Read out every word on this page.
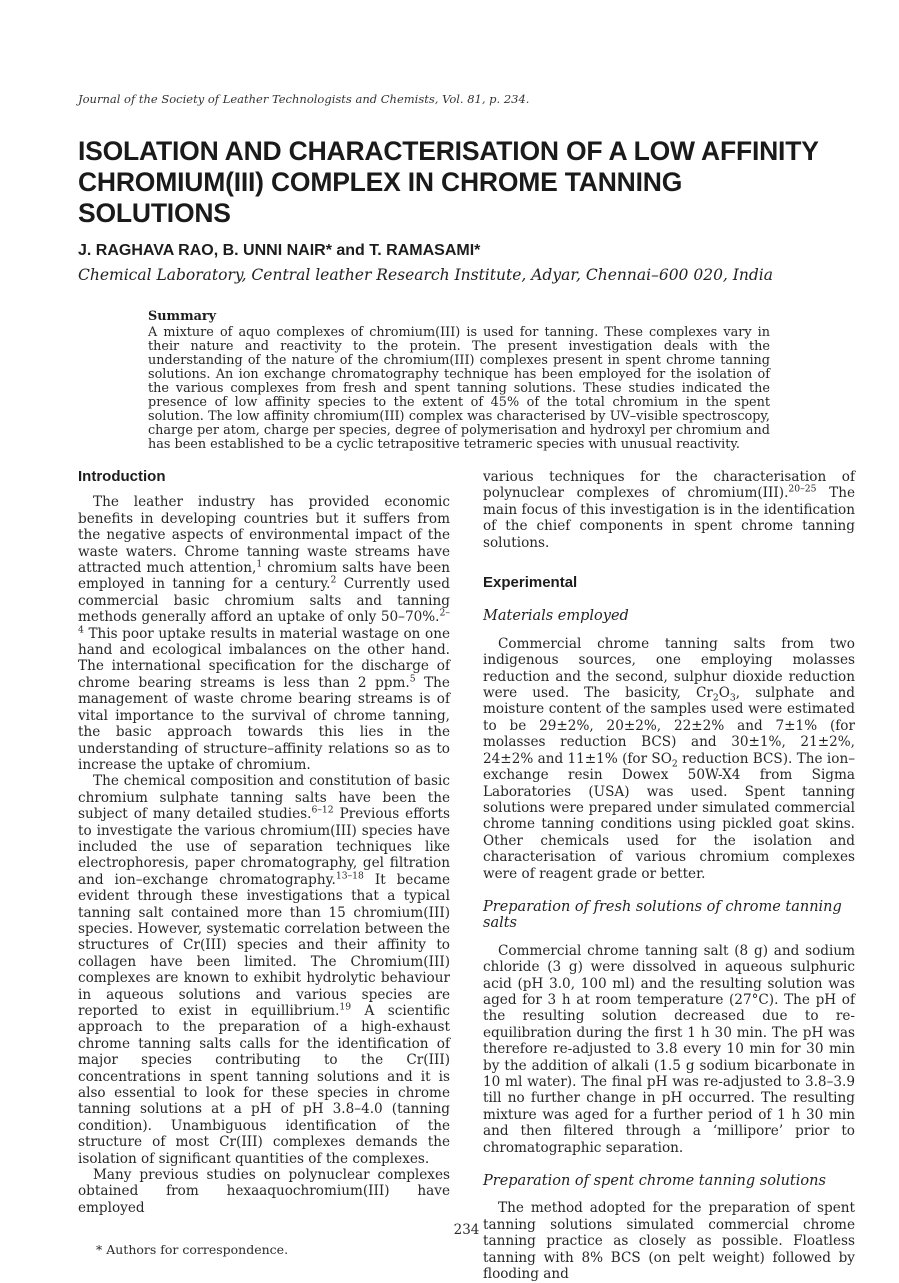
Journal of the Society of Leather Technologists and Chemists, Vol. 81, p. 234.
ISOLATION AND CHARACTERISATION OF A LOW AFFINITY CHROMIUM(III) COMPLEX IN CHROME TANNING SOLUTIONS
J. RAGHAVA RAO, B. UNNI NAIR* and T. RAMASAMI*
Chemical Laboratory, Central leather Research Institute, Adyar, Chennai–600 020, India
Summary

A mixture of aquo complexes of chromium(III) is used for tanning. These complexes vary in their nature and reactivity to the protein. The present investigation deals with the understanding of the nature of the chromium(III) complexes present in spent chrome tanning solutions. An ion exchange chromatography technique has been employed for the isolation of the various complexes from fresh and spent tanning solutions. These studies indicated the presence of low affinity species to the extent of 45% of the total chromium in the spent solution. The low affinity chromium(III) complex was characterised by UV–visible spectroscopy, charge per atom, charge per species, degree of polymerisation and hydroxyl per chromium and has been established to be a cyclic tetrapositive tetrameric species with unusual reactivity.

Introduction

The leather industry has provided economic benefits in developing countries but it suffers from the negative aspects of environmental impact of the waste waters. Chrome tanning waste streams have attracted much attention,$^1$ chromium salts have been employed in tanning for a century.$^2$ Currently used commercial basic chromium salts and tanning methods generally afford an uptake of only 50–70%.$^{2-4}$ This poor uptake results in material wastage on one hand and ecological imbalances on the other hand. The international specification for the discharge of chrome bearing streams is less than 2 ppm.$^5$ The management of waste chrome bearing streams is of vital importance to the survival of chrome tanning, the basic approach towards this lies in the understanding of structure–affinity relations so as to increase the uptake of chromium.

The chemical composition and constitution of basic chromium sulphate tanning salts have been the subject of many detailed studies.$^{6-12}$ Previous efforts to investigate the various chromium(III) species have included the use of separation techniques like electrophoresis, paper chromatography, gel filtration and ion–exchange chromatography.$^{13-18}$ It became evident through these investigations that a typical tanning salt contained more than 15 chromium(III) species. However, systematic correlation between the structures of Cr(III) species and their affinity to collagen have been limited. The Chromium(III) complexes are known to exhibit hydrolytic behaviour in aqueous solutions and various species are reported to exist in equillibrium.$^{19}$ A scientific approach to the preparation of a high-exhaust chrome tanning salts calls for the identification of major species contributing to the Cr(III) concentrations in spent tanning solutions and it is also essential to look for these species in chrome tanning solutions at a pH of pH 3.8–4.0 (tanning condition). Unambiguous identification of the structure of most Cr(III) complexes demands the isolation of significant quantities of the complexes.

Many previous studies on polynuclear complexes obtained from hexaaquochromium(III) have employed

* Authors for correspondence.

various techniques for the characterisation of polynuclear complexes of chromium(III).$^{20-25}$ The main focus of this investigation is in the identification of the chief components in spent chrome tanning solutions.

Experimental
Materials employed

Commercial chrome tanning salts from two indigenous sources, one employing molasses reduction and the second, sulphur dioxide reduction were used. The basicity, $Cr_2O_3$, sulphate and moisture content of the samples used were estimated to be 29±2%, 20±2%, 22±2% and 7±1% (for molasses reduction BCS) and 30±1%, 21±2%, 24±2% and 11±1% (for $SO_2$ reduction BCS). The ion–exchange resin Dowex 50W-X4 from Sigma Laboratories (USA) was used. Spent tanning solutions were prepared under simulated commercial chrome tanning conditions using pickled goat skins. Other chemicals used for the isolation and characterisation of various chromium complexes were of reagent grade or better.

Preparation of fresh solutions of chrome tanning salts

Commercial chrome tanning salt (8 g) and sodium chloride (3 g) were dissolved in aqueous sulphuric acid (pH 3.0, 100 ml) and the resulting solution was aged for 3 h at room temperature (27°C). The pH of the resulting solution decreased due to re-equilibration during the first 1 h 30 min. The pH was therefore re-adjusted to 3.8 every 10 min for 30 min by the addition of alkali (1.5 g sodium bicarbonate in 10 ml water). The final pH was re-adjusted to 3.8–3.9 till no further change in pH occurred. The resulting mixture was aged for a further period of 1 h 30 min and then filtered through a ‘millipore’ prior to chromatographic separation.

Preparation of spent chrome tanning solutions

The method adopted for the preparation of spent tanning solutions simulated commercial chrome tanning practice as closely as possible. Floatless tanning with 8% BCS (on pelt weight) followed by flooding and

234
